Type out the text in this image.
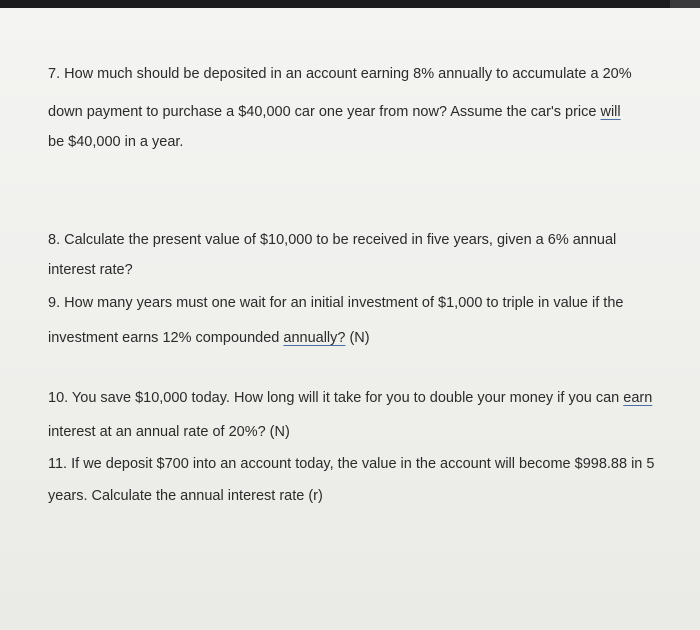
7. How much should be deposited in an account earning 8% annually to accumulate a 20%
down payment to purchase a $40,000 car one year from now? Assume the car's price will
be $40,000 in a year.
8. Calculate the present value of $10,000 to be received in five years, given a 6% annual
interest rate?
9. How many years must one wait for an initial investment of $1,000 to triple in value if the
investment earns 12% compounded annually? (N)
10. You save $10,000 today. How long will it take for you to double your money if you can earn
interest at an annual rate of 20%? (N)
11. If we deposit $700 into an account today, the value in the account will become $998.88 in 5
years. Calculate the annual interest rate (r)
